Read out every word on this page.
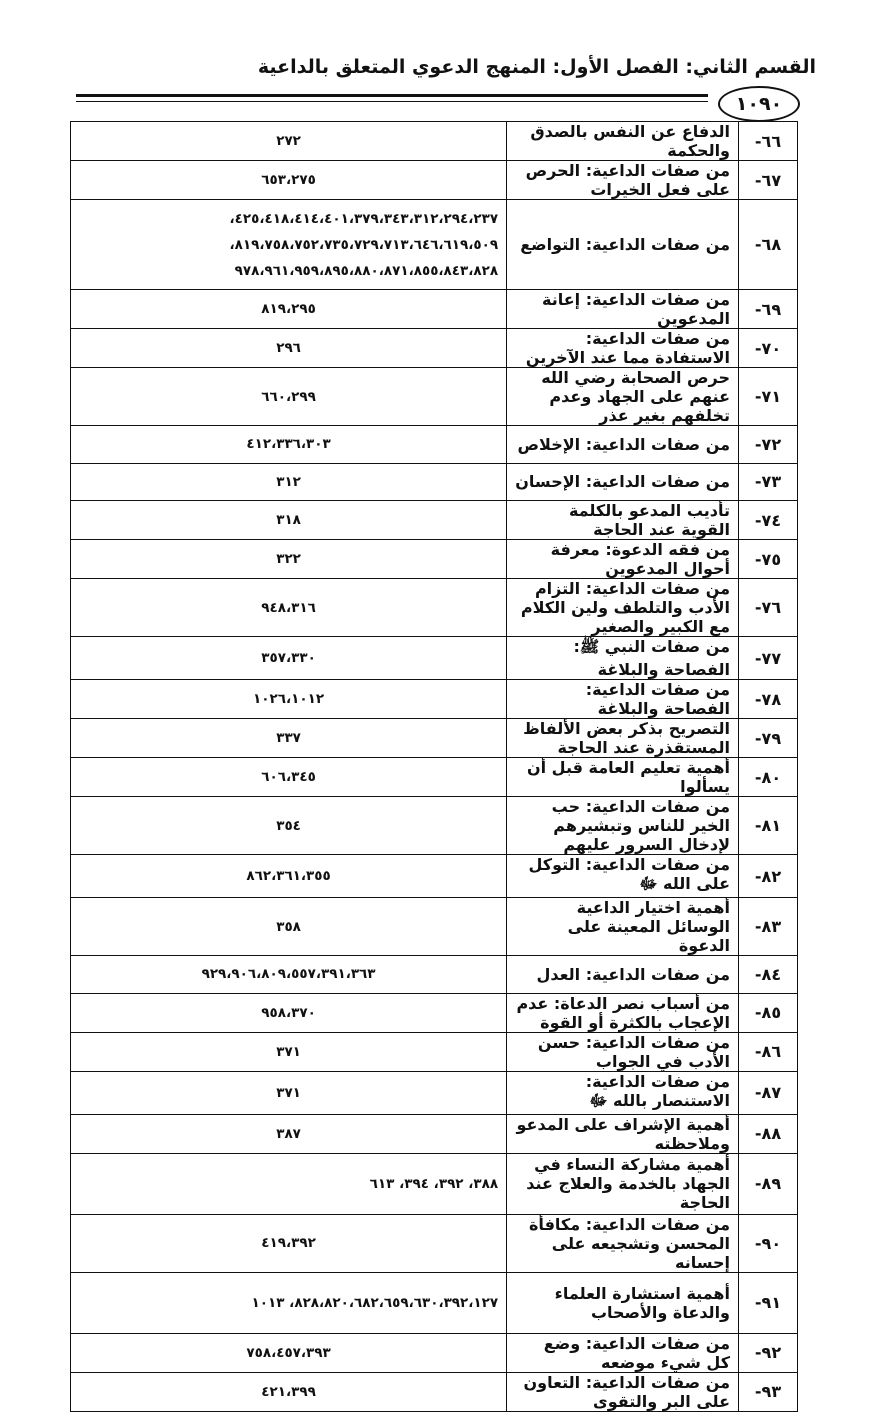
القسم الثاني: الفصل الأول: المنهج الدعوي المتعلق بالداعية
١٠٩٠
٦٦-	الدفاع عن النفس بالصدق والحكمة	٢٧٢
٦٧-	من صفات الداعية: الحرص على فعل الخيرات	٦٥٣،٢٧٥
٦٨-	من صفات الداعية: التواضع	٤٢٥،٤١٨،٤١٤،٤٠١،٣٧٩،٣٤٣،٣١٢،٢٩٤،٢٣٧، ٨١٩،٧٥٨،٧٥٢،٧٣٥،٧٢٩،٧١٣،٦٤٦،٦١٩،٥٠٩، ٩٧٨،٩٦١،٩٥٩،٨٩٥،٨٨٠،٨٧١،٨٥٥،٨٤٣،٨٢٨
٦٩-	من صفات الداعية: إعانة المدعوين	٨١٩،٢٩٥
٧٠-	من صفات الداعية: الاستفادة مما عند الآخرين	٢٩٦
٧١-	حرص الصحابة رضي الله عنهم على الجهاد وعدم تخلفهم بغير عذر	٦٦٠،٢٩٩
٧٢-	من صفات الداعية: الإخلاص	٤١٢،٣٣٦،٣٠٣
٧٣-	من صفات الداعية: الإحسان	٣١٢
٧٤-	تأديب المدعو بالكلمة القوية عند الحاجة	٣١٨
٧٥-	من فقه الدعوة: معرفة أحوال المدعوين	٣٢٢
٧٦-	من صفات الداعية: التزام الأدب والتلطف ولين الكلام مع الكبير والصغير	٩٤٨،٣١٦
٧٧-	من صفات النبي ﷺ: الفصاحة والبلاغة	٣٥٧،٣٣٠
٧٨-	من صفات الداعية: الفصاحة والبلاغة	١٠٢٦،١٠١٢
٧٩-	التصريح بذكر بعض الألفاظ المستقذرة عند الحاجة	٣٣٧
٨٠-	أهمية تعليم العامة قبل أن يسألوا	٦٠٦،٣٤٥
٨١-	من صفات الداعية: حب الخير للناس وتبشيرهم لإدخال السرور عليهم	٣٥٤
٨٢-	من صفات الداعية: التوكل على الله ﷻ	٨٦٢،٣٦١،٣٥٥
٨٣-	أهمية اختيار الداعية الوسائل المعينة على الدعوة	٣٥٨
٨٤-	من صفات الداعية: العدل	٩٢٩،٩٠٦،٨٠٩،٥٥٧،٣٩١،٣٦٣
٨٥-	من أسباب نصر الدعاة: عدم الإعجاب بالكثرة أو القوة	٩٥٨،٣٧٠
٨٦-	من صفات الداعية: حسن الأدب في الجواب	٣٧١
٨٧-	من صفات الداعية: الاستنصار بالله ﷻ	٣٧١
٨٨-	أهمية الإشراف على المدعو وملاحظته	٣٨٧
٨٩-	أهمية مشاركة النساء في الجهاد بالخدمة والعلاج عند الحاجة	٣٨٨، ٣٩٢، ٣٩٤، ٦١٣
٩٠-	من صفات الداعية: مكافأة المحسن وتشجيعه على إحسانه	٤١٩،٣٩٢
٩١-	أهمية استشارة العلماء والدعاة والأصحاب	٨٢٨،٨٢٠،٦٨٢،٦٥٩،٦٣٠،٣٩٢،١٢٧، ١٠١٣
٩٢-	من صفات الداعية: وضع كل شيء موضعه	٧٥٨،٤٥٧،٣٩٣
٩٣-	من صفات الداعية: التعاون على البر والتقوى	٤٢١،٣٩٩
